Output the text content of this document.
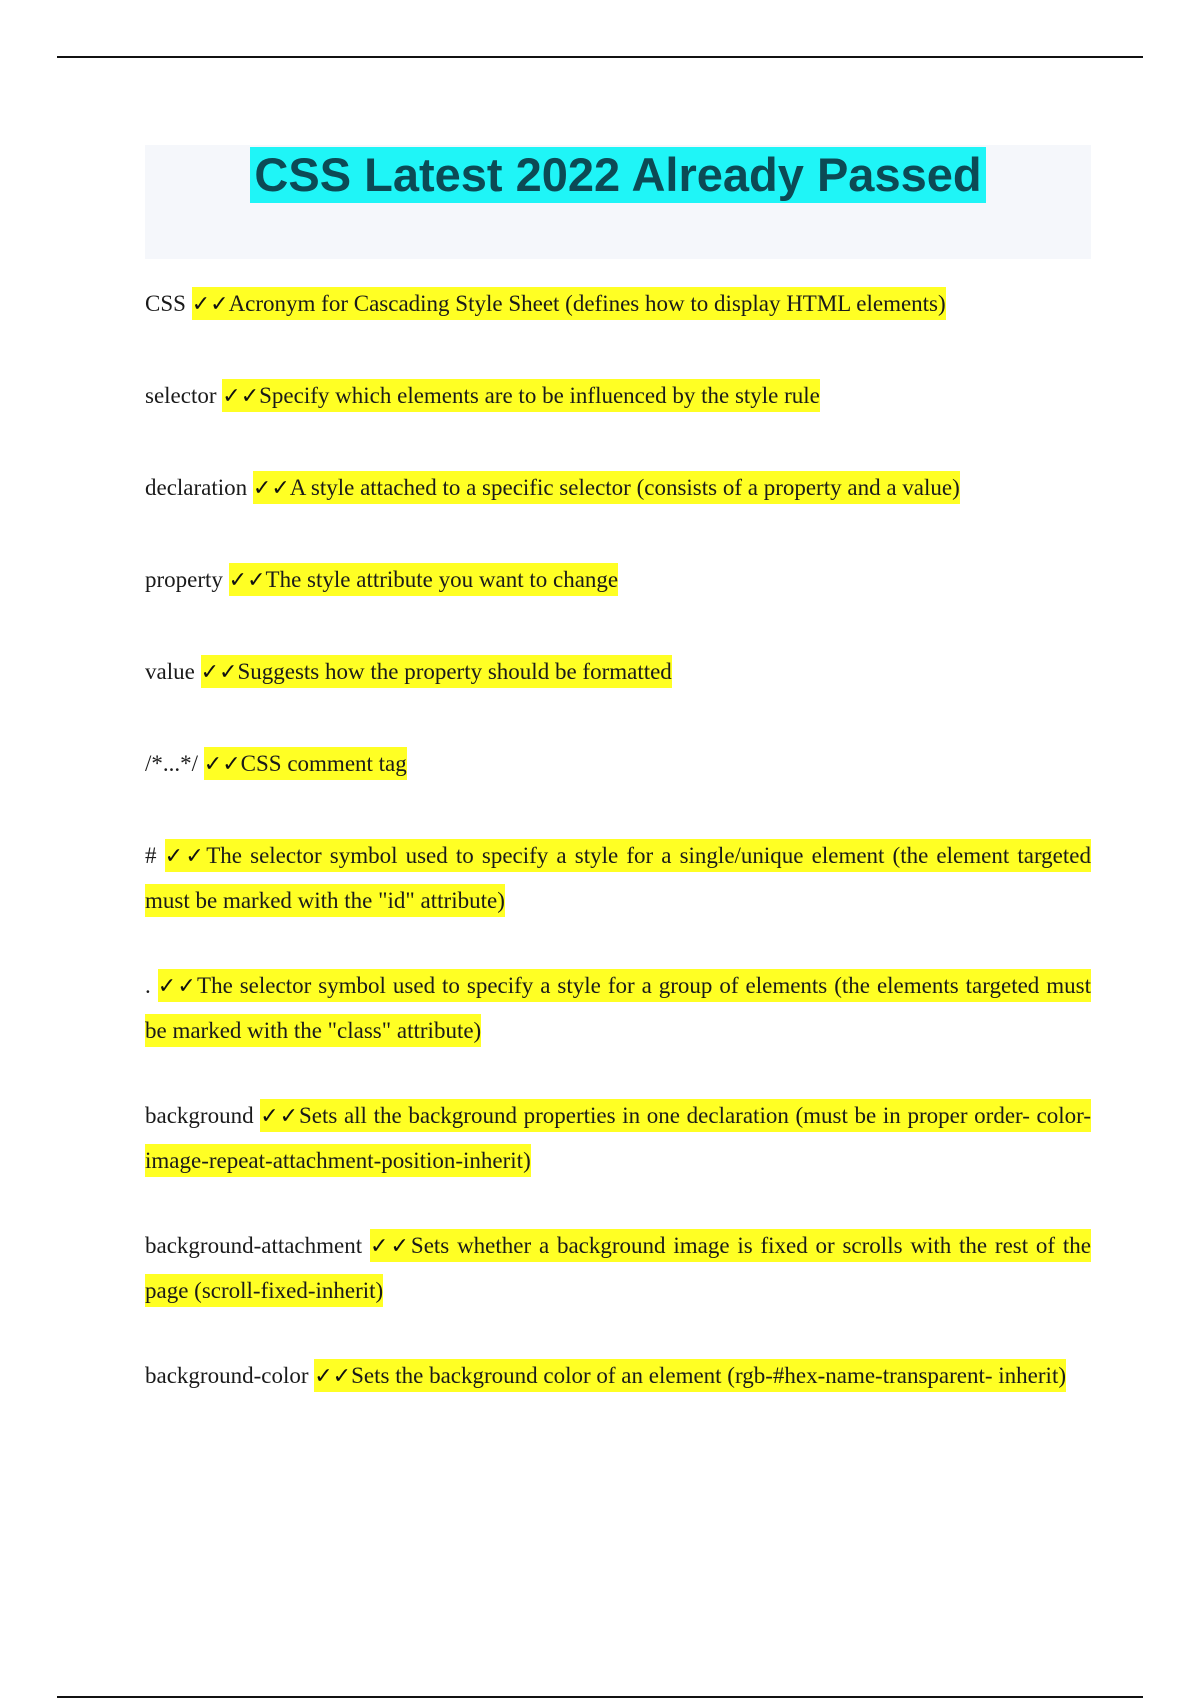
CSS Latest 2022 Already Passed

CSS ✓✓Acronym for Cascading Style Sheet (defines how to display HTML elements)

selector ✓✓Specify which elements are to be influenced by the style rule

declaration ✓✓A style attached to a specific selector (consists of a property and a value)

property ✓✓The style attribute you want to change

value ✓✓Suggests how the property should be formatted

/*...*/ ✓✓CSS comment tag

# ✓✓The selector symbol used to specify a style for a single/unique element (the element targeted must be marked with the "id" attribute)

. ✓✓The selector symbol used to specify a style for a group of elements (the elements targeted must be marked with the "class" attribute)

background ✓✓Sets all the background properties in one declaration (must be in proper order- color-image-repeat-attachment-position-inherit)

background-attachment ✓✓Sets whether a background image is fixed or scrolls with the rest of the page (scroll-fixed-inherit)

background-color ✓✓Sets the background color of an element (rgb-#hex-name-transparent- inherit)
